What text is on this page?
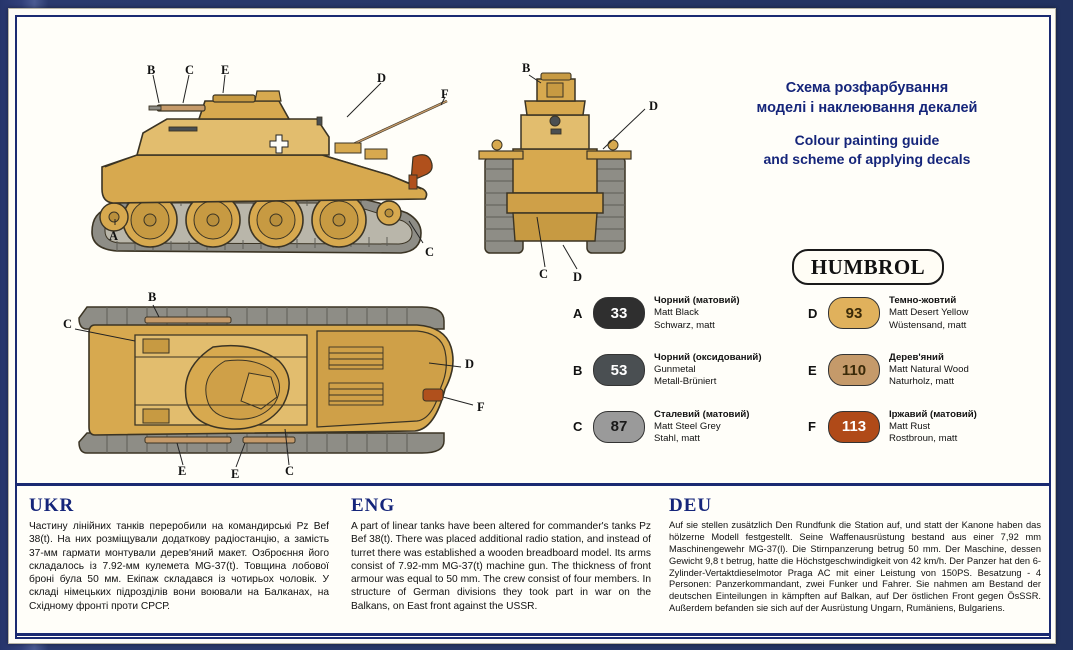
B C E
D
F
A
C
B
D
C D
B
C
D
F
E	E	C
Схема розфарбування
моделі і наклеювання декалей
Colour painting guide
and scheme of applying decals
HUMBROL
A	33
Чорний (матовий)
Matt Black
Schwarz, matt
D	93
Темно-жовтий
Matt Desert Yellow
Wüstensand, matt
B	53
Чорний (оксидований)
Gunmetal
Metall-Brüniert
E	110
Дерев'яний
Matt Natural Wood
Naturholz, matt
C	87
Сталевий (матовий)
Matt Steel Grey
Stahl, matt
F	113
Іржавий (матовий)
Matt Rust
Rostbroun, matt
UKR
Частину лінійних танків переробили на командирські Pz Bef 38(t). На них розміщували додаткову радіостанцію, а замість 37-мм гармати монтували дерев'яний макет. Озброєння його складалось із 7.92-мм кулемета MG-37(t). Товщина лобової броні була 50 мм. Екіпаж складався із чотирьох чоловік. У складі німецьких підрозділів вони воювали на Балканах, на Східному фронті проти СРСР.
ENG
A part of linear tanks have been altered for commander's tanks Pz Bef 38(t). There was placed additional radio station, and instead of turret there was established a wooden breadboard model. Its arms consist of 7.92-mm MG-37(t) machine gun. The thickness of front armour was equal to 50 mm. The crew consist of four members. In structure of German divisions they took part in war on the Balkans, on East front against the USSR.
DEU
Auf sie stellen zusätzlich Den Rundfunk die Station auf, und statt der Kanone haben das hölzerne Modell festgestellt. Seine Waffenausrüstung bestand aus einer 7,92 mm Maschinengewehr MG-37(l). Die Stirnpanzerung betrug 50 mm. Der Maschine, dessen Gewicht 9,8 t betrug, hatte die Höchstgeschwindigkeit von 42 km/h. Der Panzer hat den 6-Zylinder-Vertaktdieselmotor Praga AC mit einer Leistung von 150PS. Besatzung - 4 Personen: Panzerkommandant, zwei Funker und Fahrer. Sie nahmen am Bestand der deutschen Einteilungen in kämpften auf Balkan, auf Der östlichen Front gegen ÖsSSR. Außerdem befanden sie sich auf der Ausrüstung Ungarn, Rumäniens, Bulgariens.
